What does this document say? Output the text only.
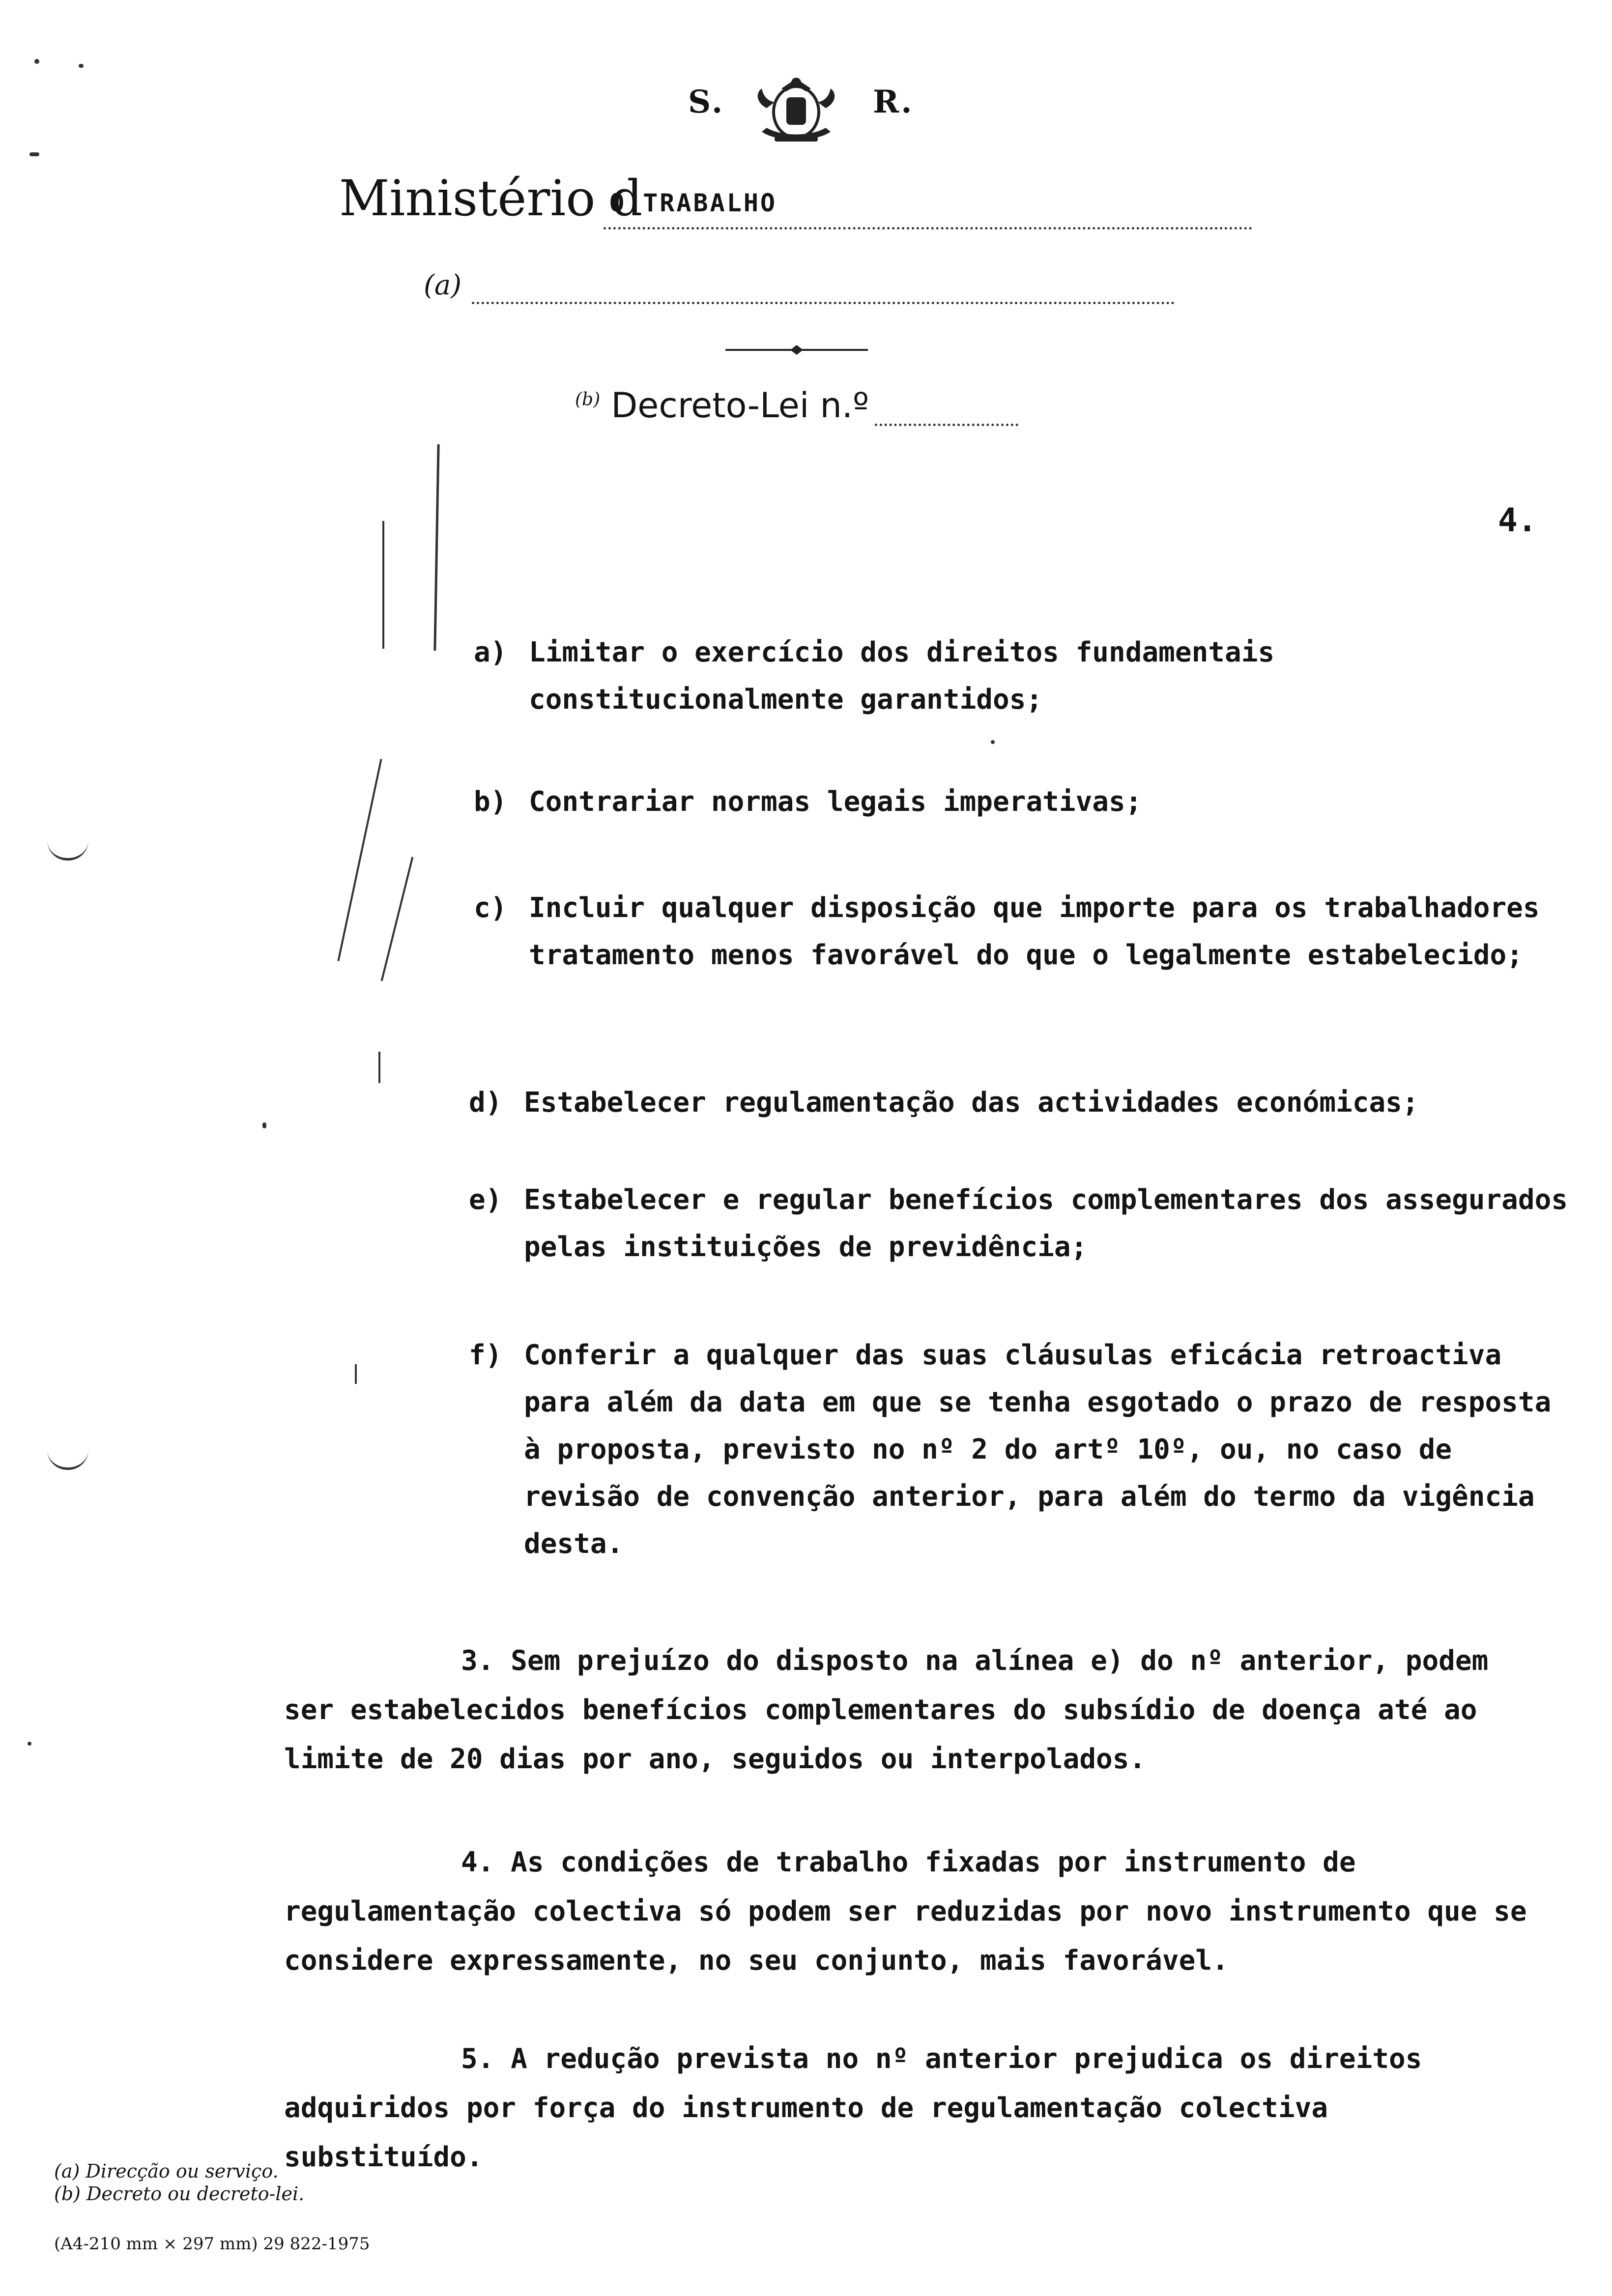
S.	R.
Ministério d
O TRABALHO
(a)
$^{(b)}$ Decreto-Lei n.º
4.
a) Limitar o exercício dos direitos fundamentais constitucionalmente garantidos;
b) Contrariar normas legais imperativas;
c) Incluir qualquer disposição que importe para os trabalhadores tratamento menos favorável do que o legalmente estabelecido;
d) Estabelecer regulamentação das actividades económicas;
e) Estabelecer e regular benefícios complementares dos assegurados pelas instituições de previdência;
f) Conferir a qualquer das suas cláusulas eficácia retroactiva para além da data em que se tenha esgotado o prazo de resposta à proposta, previsto no nº 2 do artº 10º, ou, no caso de revisão de convenção anterior, para além do termo da vigência desta.
3. Sem prejuízo do disposto na alínea e) do nº anterior, podem ser estabelecidos benefícios complementares do subsídio de doença até ao limite de 20 dias por ano, seguidos ou interpolados.
4. As condições de trabalho fixadas por instrumento de regulamentação colectiva só podem ser reduzidas por novo instrumento que se considere expressamente, no seu conjunto, mais favorável.
5. A redução prevista no nº anterior prejudica os direitos adquiridos por força do instrumento de regulamentação colectiva substituído.
(a) Direcção ou serviço.
(b) Decreto ou decreto-lei.
(A4-210 mm × 297 mm) 29 822-1975
